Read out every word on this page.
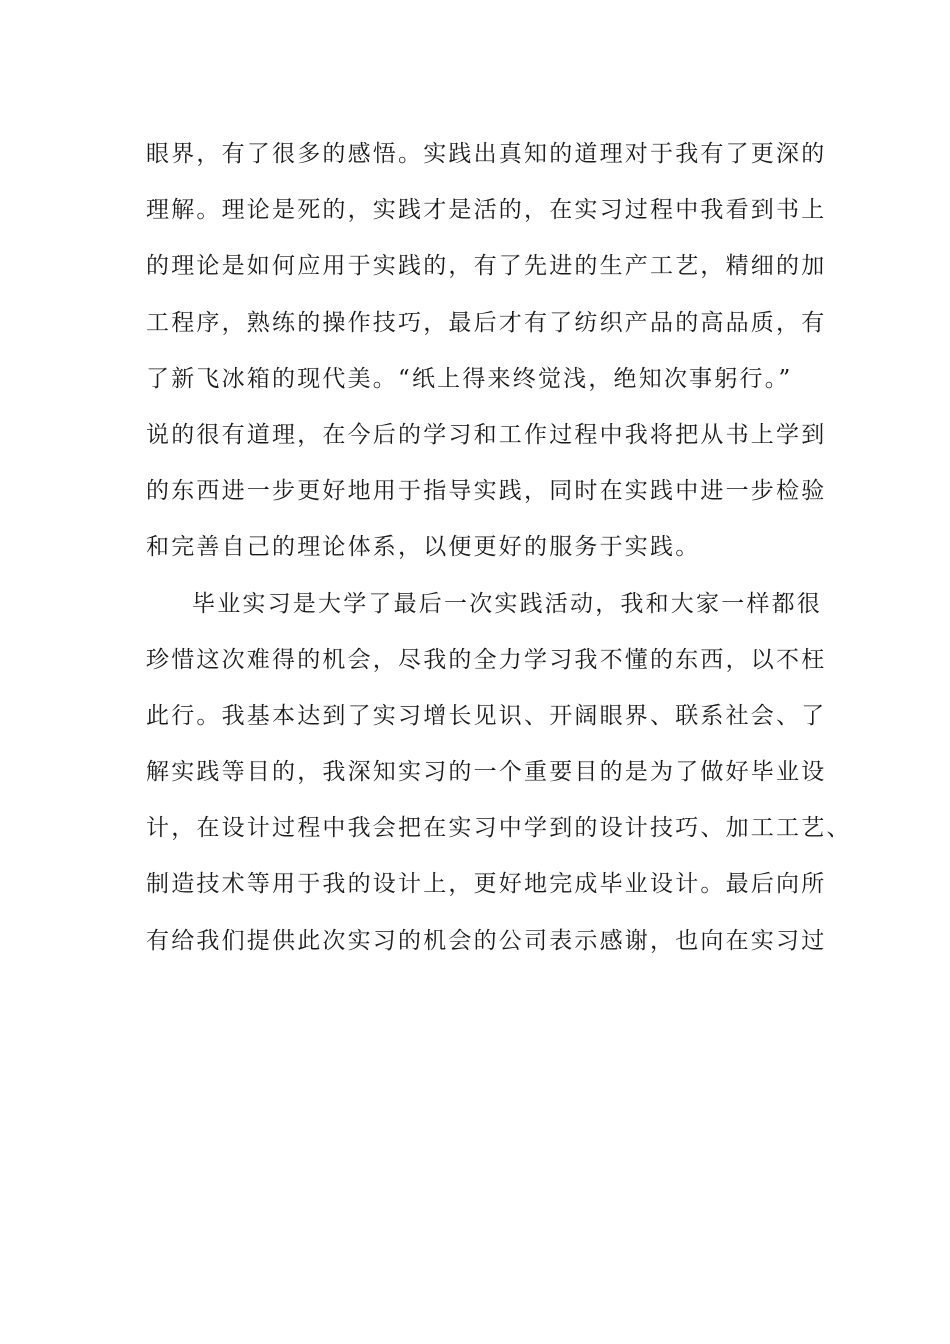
眼界，有了很多的感悟。实践出真知的道理对于我有了更深的
理解。理论是死的，实践才是活的，在实习过程中我看到书上
的理论是如何应用于实践的，有了先进的生产工艺，精细的加
工程序，熟练的操作技巧，最后才有了纺织产品的高品质，有
了新飞冰箱的现代美。“纸上得来终觉浅，绝知次事躬行。”
说的很有道理，在今后的学习和工作过程中我将把从书上学到
的东西进一步更好地用于指导实践，同时在实践中进一步检验
和完善自己的理论体系，以便更好的服务于实践。
毕业实习是大学了最后一次实践活动，我和大家一样都很
珍惜这次难得的机会，尽我的全力学习我不懂的东西，以不枉
此行。我基本达到了实习增长见识、开阔眼界、联系社会、了
解实践等目的，我深知实习的一个重要目的是为了做好毕业设
计，在设计过程中我会把在实习中学到的设计技巧、加工工艺、
制造技术等用于我的设计上，更好地完成毕业设计。最后向所
有给我们提供此次实习的机会的公司表示感谢，也向在实习过
